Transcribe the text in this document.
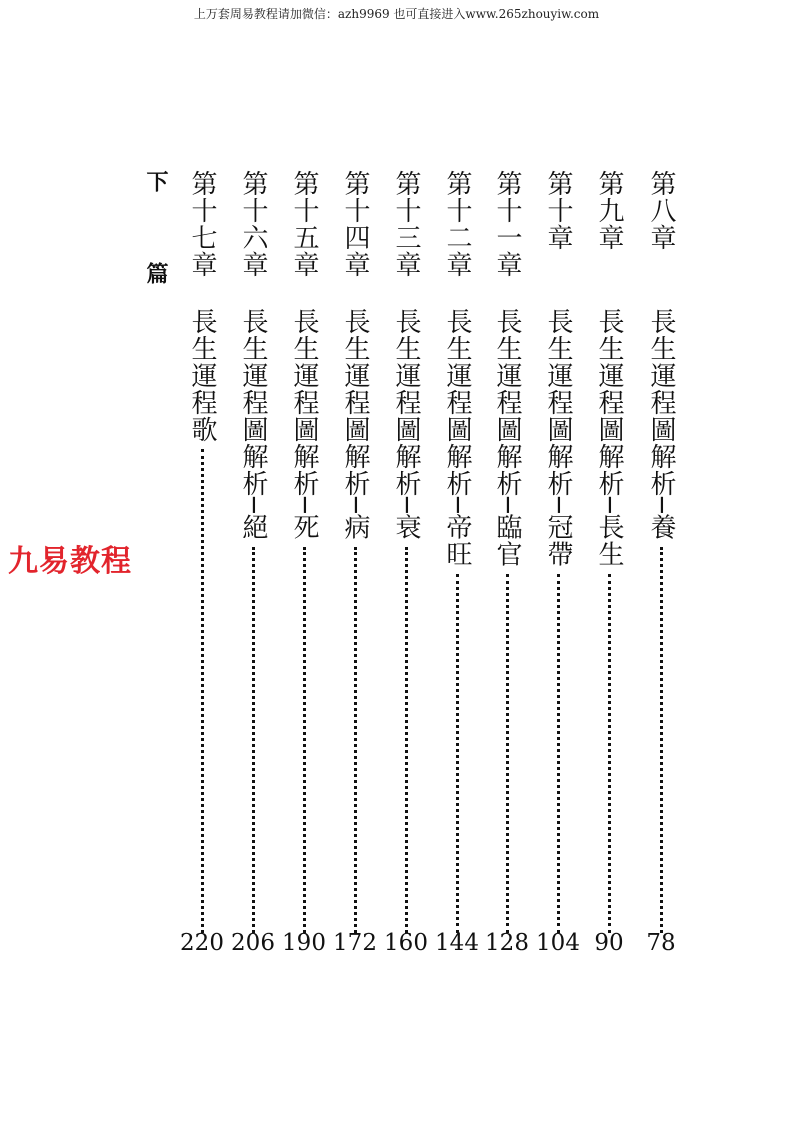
上万套周易教程请加微信：azh9969 也可直接进入www.265zhouyiw.com
第八章
長生運程圖解析─養
78
第九章
長生運程圖解析─長生
90
第十章
長生運程圖解析─冠帶
104
第十一章
長生運程圖解析─臨官
128
第十二章
長生運程圖解析─帝旺
144
第十三章
長生運程圖解析─衰
160
第十四章
長生運程圖解析─病
172
第十五章
長生運程圖解析─死
190
第十六章
長生運程圖解析─絕
206
第十七章
長生運程歌
220
下篇
九易教程
